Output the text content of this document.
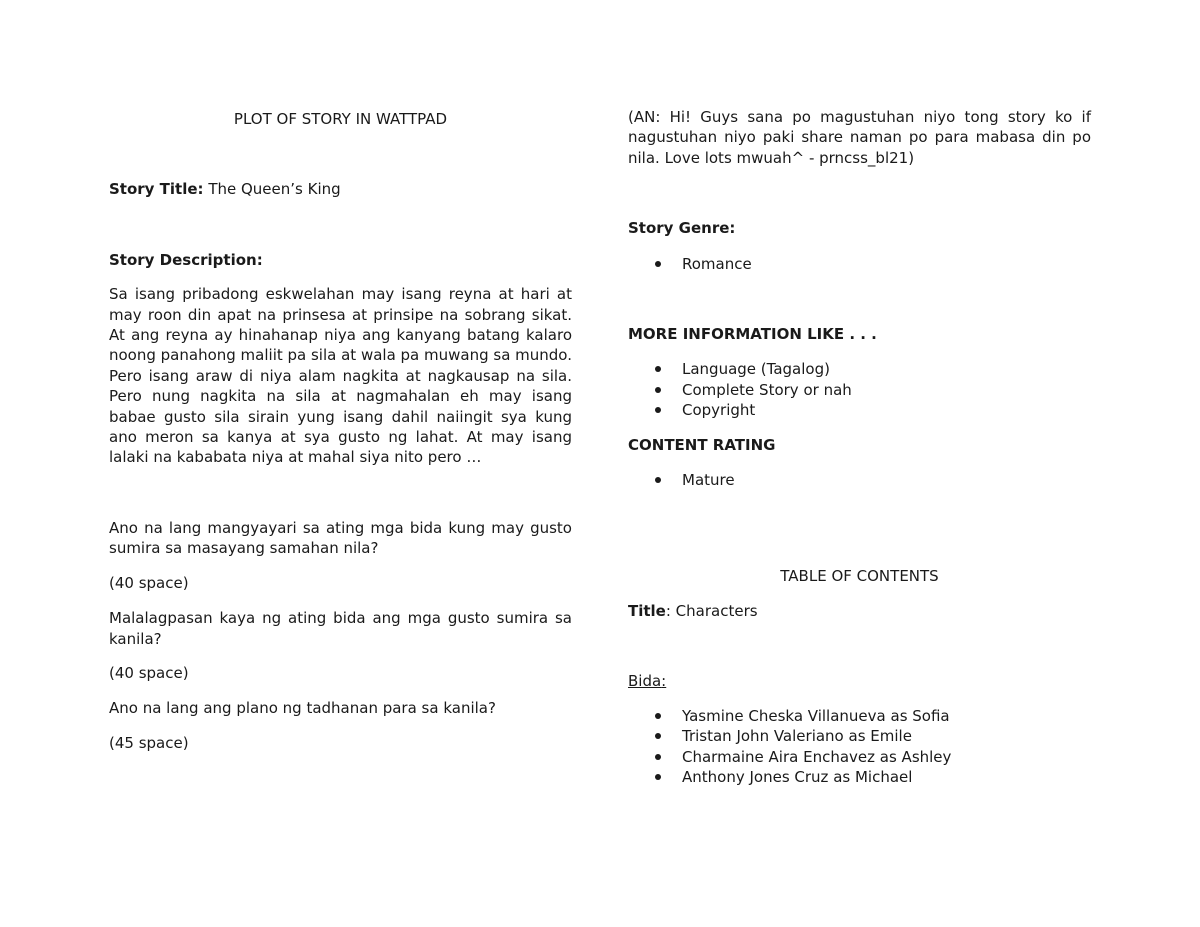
PLOT OF STORY IN WATTPAD

Story Title: The Queen’s King

Story Description:

Sa isang pribadong eskwelahan may isang reyna at hari at may roon din apat na prinsesa at prinsipe na sobrang sikat. At ang reyna ay hinahanap niya ang kanyang batang kalaro noong panahong maliit pa sila at wala pa muwang sa mundo. Pero isang araw di niya alam nagkita at nagkausap na sila. Pero nung nagkita na sila at nagmahalan eh may isang babae gusto sila sirain yung isang dahil naiingit sya kung ano meron sa kanya at sya gusto ng lahat. At may isang lalaki na kababata niya at mahal siya nito pero …

Ano na lang mangyayari sa ating mga bida kung may gusto sumira sa masayang samahan nila?

(40 space)

Malalagpasan kaya ng ating bida ang mga gusto sumira sa kanila?

(40 space)

Ano na lang ang plano ng tadhanan para sa kanila?

(45 space)

(AN: Hi! Guys sana po magustuhan niyo tong story ko if nagustuhan niyo paki share naman po para mabasa din po nila. Love lots mwuah^ - prncss_bl21)

Story Genre:

Romance

MORE INFORMATION LIKE . . .

Language (Tagalog)
Complete Story or nah
Copyright

CONTENT RATING

Mature

TABLE OF CONTENTS

Title: Characters

Bida:

Yasmine Cheska Villanueva as Sofia
Tristan John Valeriano as Emile
Charmaine Aira Enchavez as Ashley
Anthony Jones Cruz as Michael
